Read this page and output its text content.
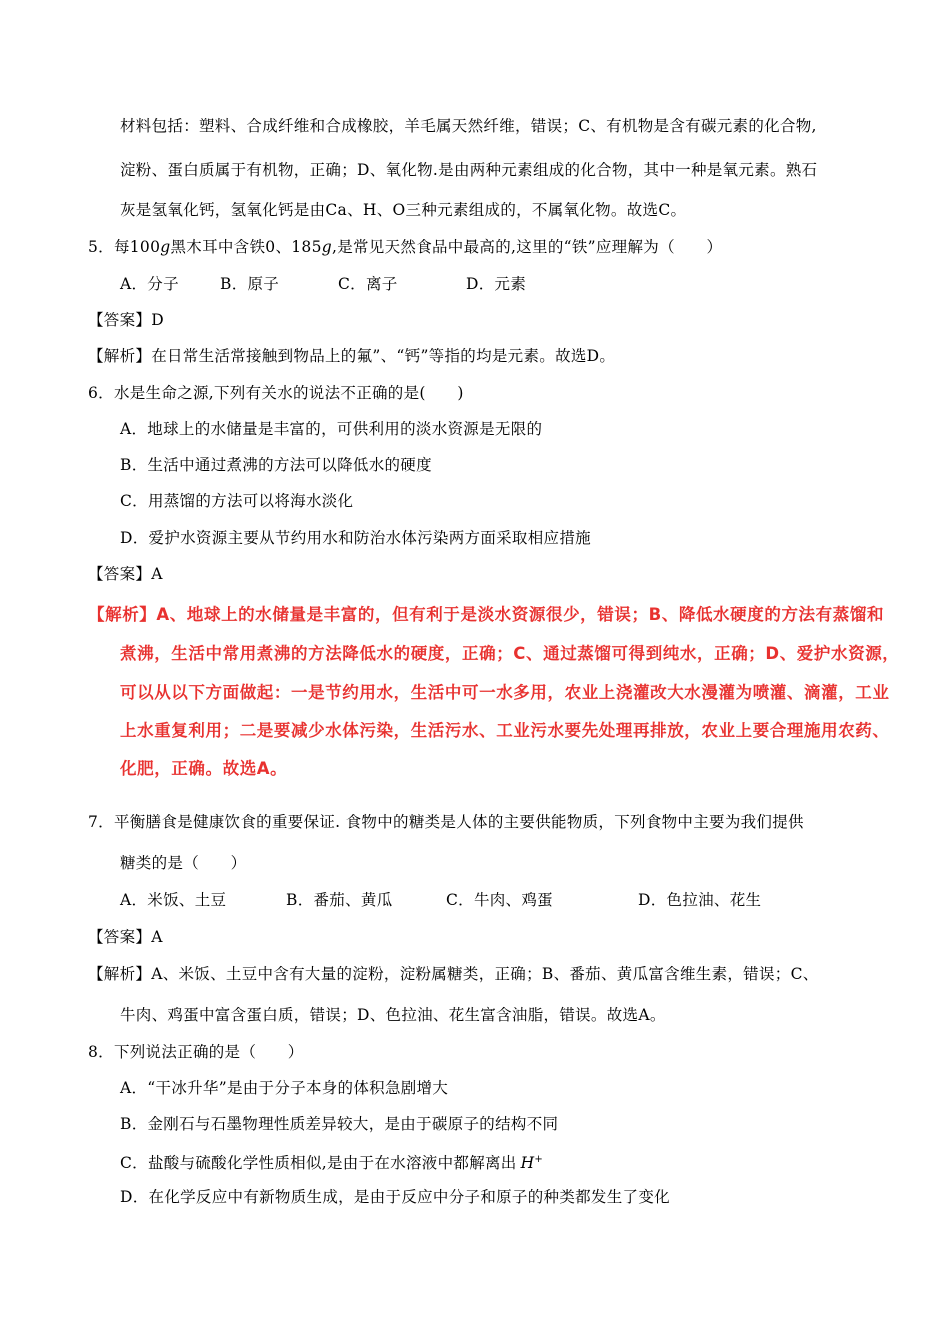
材料包括：塑料、合成纤维和合成橡胶，羊毛属天然纤维，错误；C、有机物是含有碳元素的化合物,
淀粉、蛋白质属于有机物，正确；D、氧化物.是由两种元素组成的化合物，其中一种是氧元素。熟石
灰是氢氧化钙，氢氧化钙是由Ca、H、O三种元素组成的，不属氧化物。故选C。
5．每100g黑木耳中含铁0、185g,是常见天然食品中最高的,这里的“铁”应理解为（　　）
A．分子	B．原子	C．离子	D．元素
【答案】D
【解析】在日常生活常接触到物品上的氟”、“钙”等指的均是元素。故选D。
6．水是生命之源,下列有关水的说法不正确的是(　　)
A．地球上的水储量是丰富的，可供利用的淡水资源是无限的
B．生活中通过煮沸的方法可以降低水的硬度
C．用蒸馏的方法可以将海水淡化
D．爱护水资源主要从节约用水和防治水体污染两方面采取相应措施
【答案】A
【解析】A、地球上的水储量是丰富的，但有利于是淡水资源很少，错误；B、降低水硬度的方法有蒸馏和
煮沸，生活中常用煮沸的方法降低水的硬度，正确；C、通过蒸馏可得到纯水，正确；D、爱护水资源，
可以从以下方面做起：一是节约用水，生活中可一水多用，农业上浇灌改大水漫灌为喷灌、滴灌，工业
上水重复利用；二是要减少水体污染，生活污水、工业污水要先处理再排放，农业上要合理施用农药、
化肥，正确。故选A。
7．平衡膳食是健康饮食的重要保证. 食物中的糖类是人体的主要供能物质，下列食物中主要为我们提供
糖类的是（　　）
A．米饭、土豆	B．番茄、黄瓜	C．牛肉、鸡蛋	D．色拉油、花生
【答案】A
【解析】A、米饭、土豆中含有大量的淀粉，淀粉属糖类，正确；B、番茄、黄瓜富含维生素，错误；C、
牛肉、鸡蛋中富含蛋白质，错误；D、色拉油、花生富含油脂，错误。故选A。
8．下列说法正确的是（　　）
A．“干冰升华”是由于分子本身的体积急剧增大
B．金刚石与石墨物理性质差异较大，是由于碳原子的结构不同
C．盐酸与硫酸化学性质相似,是由于在水溶液中都解离出 H+
D．在化学反应中有新物质生成，是由于反应中分子和原子的种类都发生了变化
